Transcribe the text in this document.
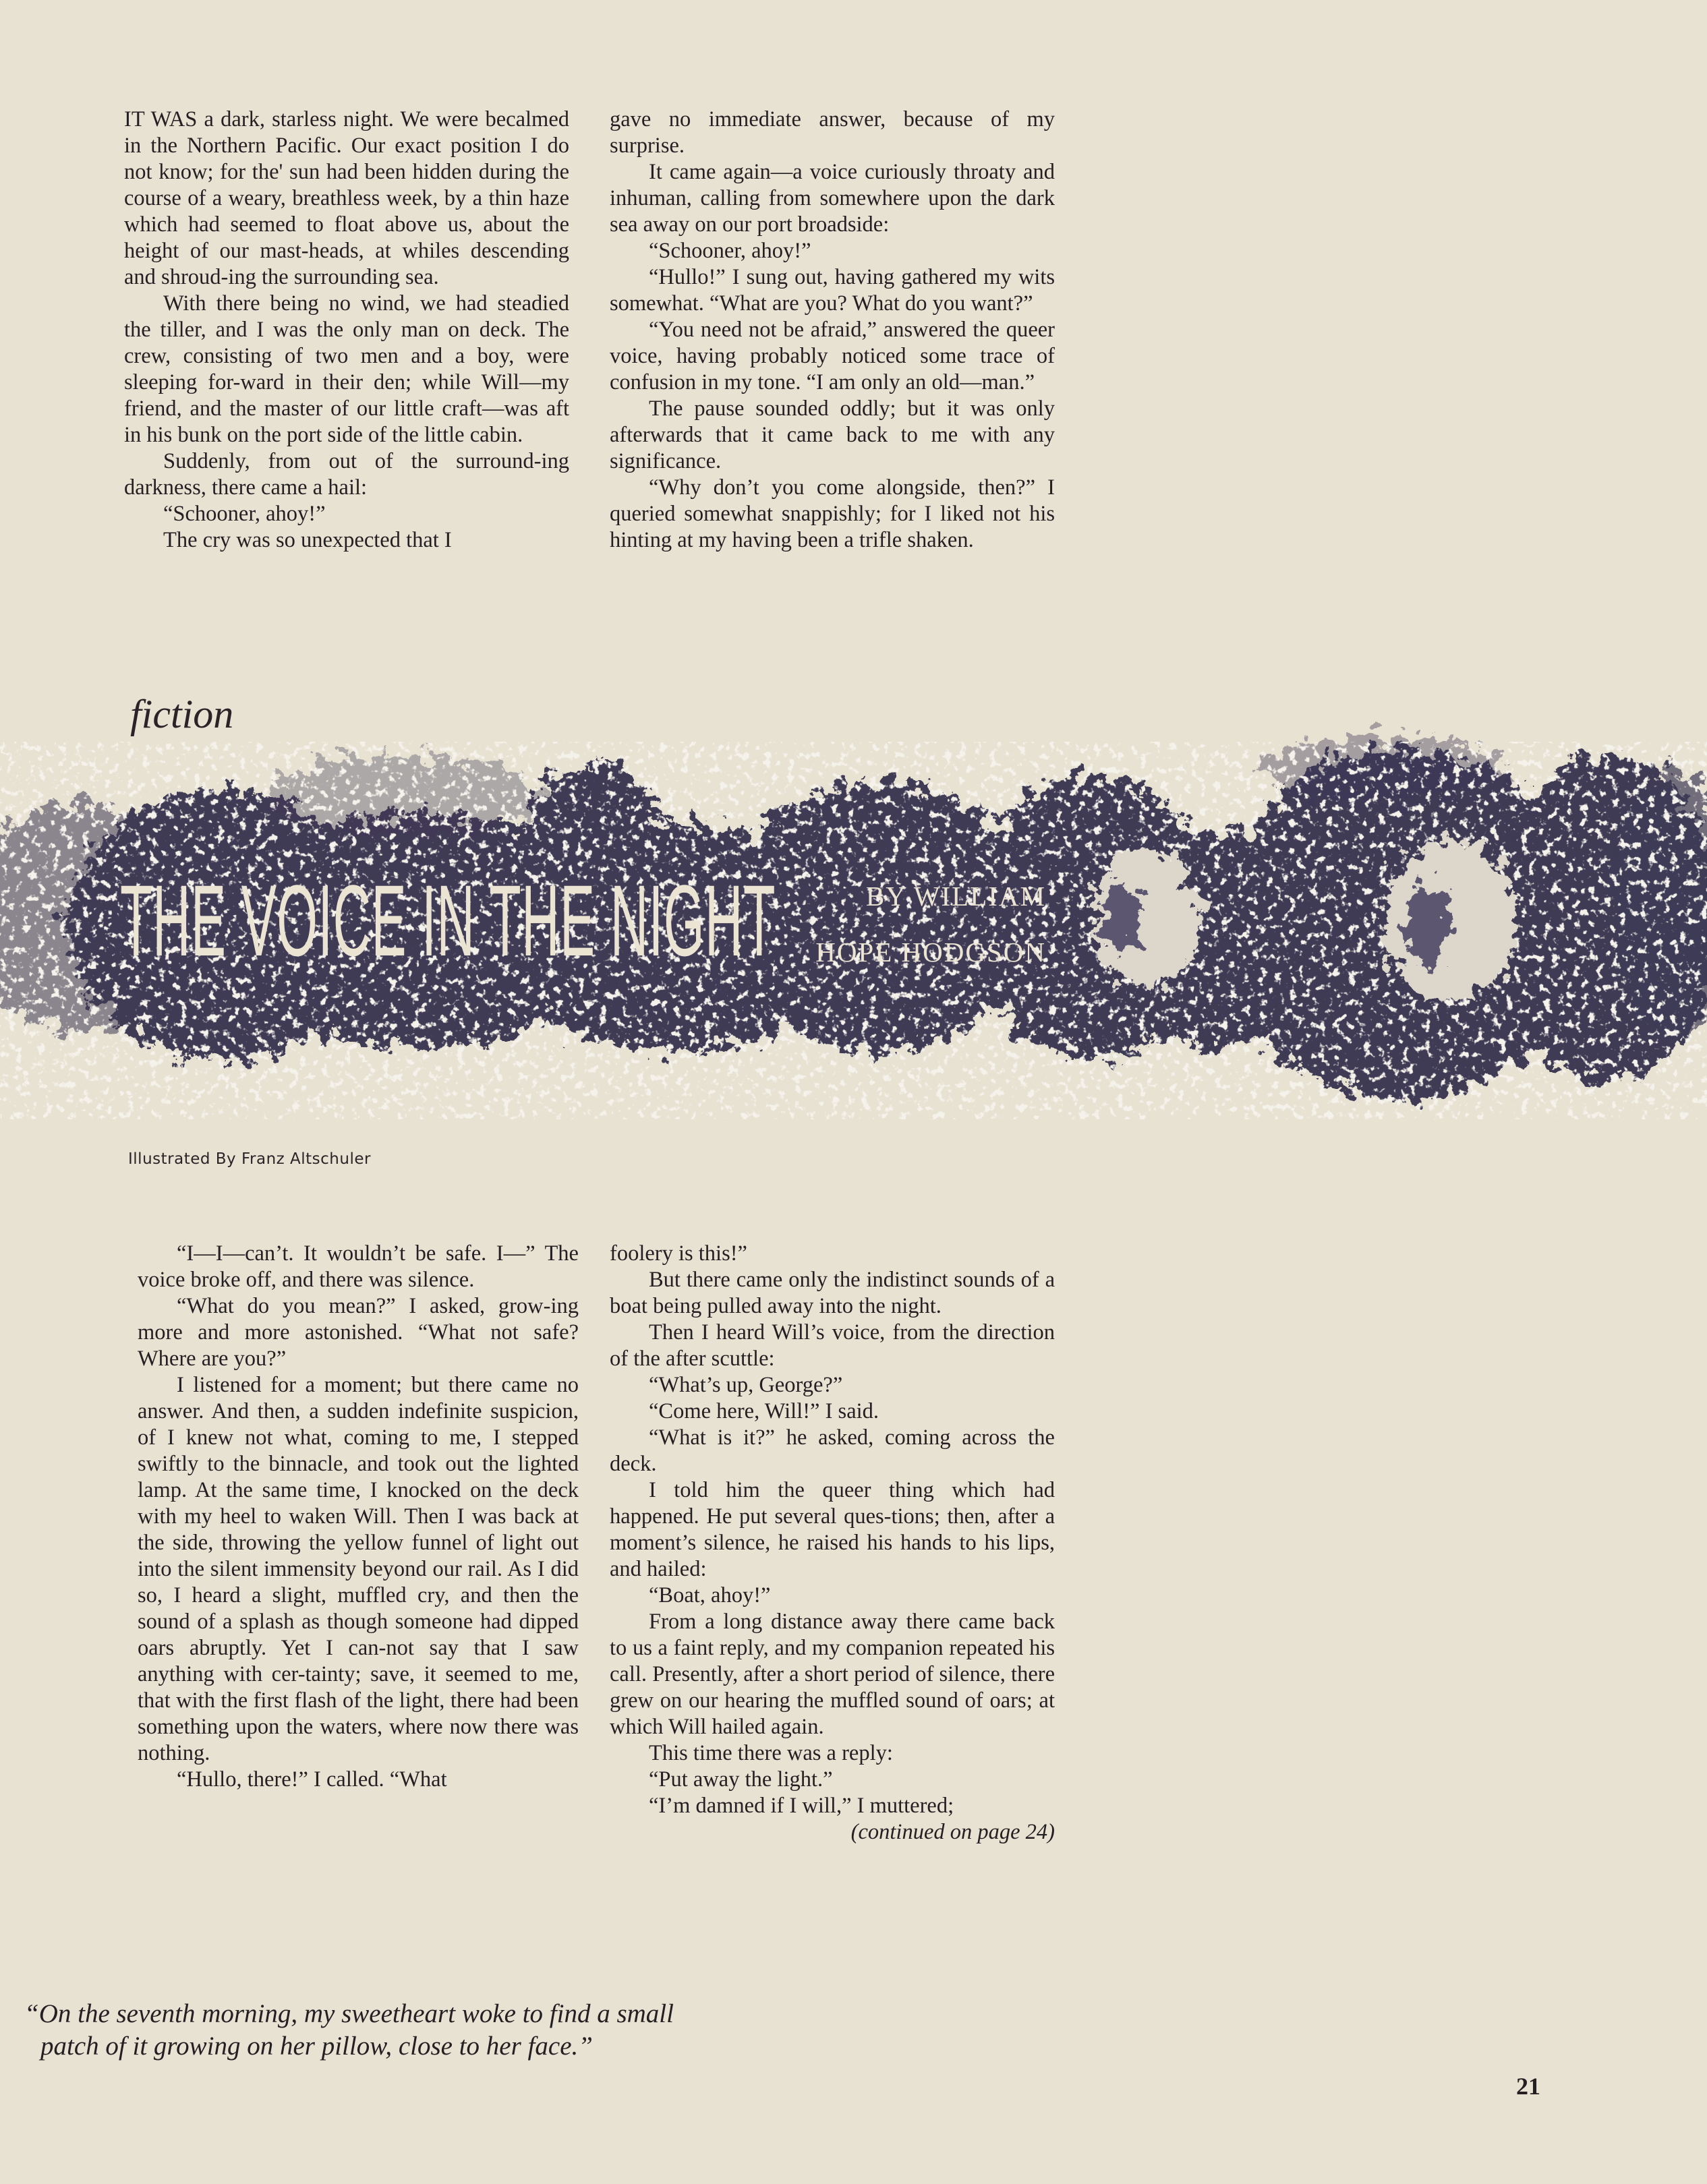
IT WAS a dark, starless night. We were becalmed in the Northern Pacific. Our exact position I do not know; for the' sun had been hidden during the course of a weary, breathless week, by a thin haze which had seemed to float above us, about the height of our mast-heads, at whiles descending and shroud-ing the surrounding sea.

With there being no wind, we had steadied the tiller, and I was the only man on deck. The crew, consisting of two men and a boy, were sleeping for-ward in their den; while Will—my friend, and the master of our little craft—was aft in his bunk on the port side of the little cabin.

Suddenly, from out of the surround-ing darkness, there came a hail:

“Schooner, ahoy!”

The cry was so unexpected that I

gave no immediate answer, because of my surprise.

It came again—a voice curiously throaty and inhuman, calling from somewhere upon the dark sea away on our port broadside:

“Schooner, ahoy!”

“Hullo!” I sung out, having gathered my wits somewhat. “What are you? What do you want?”

“You need not be afraid,” answered the queer voice, having probably noticed some trace of confusion in my tone. “I am only an old—man.”

The pause sounded oddly; but it was only afterwards that it came back to me with any significance.

“Why don’t you come alongside, then?” I queried somewhat snappishly; for I liked not his hinting at my having been a trifle shaken.

fiction
THE VOICE IN THE NIGHT	BY WILLIAM
HOPE HODGSON
Illustrated By Franz Altschuler

“I—I—can’t. It wouldn’t be safe. I—” The voice broke off, and there was silence.

“What do you mean?” I asked, grow-ing more and more astonished. “What not safe? Where are you?”

I listened for a moment; but there came no answer. And then, a sudden indefinite suspicion, of I knew not what, coming to me, I stepped swiftly to the binnacle, and took out the lighted lamp. At the same time, I knocked on the deck with my heel to waken Will. Then I was back at the side, throwing the yellow funnel of light out into the silent immensity beyond our rail. As I did so, I heard a slight, muffled cry, and then the sound of a splash as though someone had dipped oars abruptly. Yet I can-not say that I saw anything with cer-tainty; save, it seemed to me, that with the first flash of the light, there had been something upon the waters, where now there was nothing.

“Hullo, there!” I called. “What

foolery is this!”

But there came only the indistinct sounds of a boat being pulled away into the night.

Then I heard Will’s voice, from the direction of the after scuttle:

“What’s up, George?”

“Come here, Will!” I said.

“What is it?” he asked, coming across the deck.

I told him the queer thing which had happened. He put several ques-tions; then, after a moment’s silence, he raised his hands to his lips, and hailed:

“Boat, ahoy!”

From a long distance away there came back to us a faint reply, and my companion repeated his call. Presently, after a short period of silence, there grew on our hearing the muffled sound of oars; at which Will hailed again.

This time there was a reply:

“Put away the light.”

“I’m damned if I will,” I muttered;

(continued on page 24)
“On the seventh morning, my sweetheart woke to find a small
patch of it growing on her pillow, close to her face.”
21
